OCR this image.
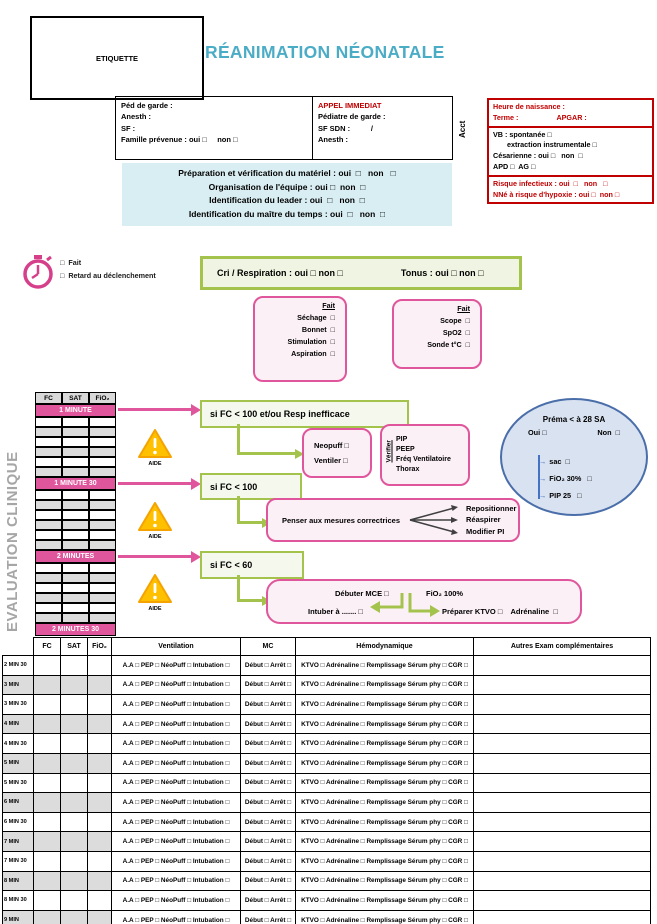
ETIQUETTE	RÉANIMATION NÉONATALE
Péd de garde :
Anesth :
SF :
Famille prévenue : oui □     non □
APPEL IMMEDIAT
Pédiatre de garde :
SF SDN :          /
Anesth :
Acct
Heure de naissance :
Terme :	APGAR :
VB : spontanée □
extraction instrumentale □
Césarienne : oui □   non  □
APD □  AG □
Risque infectieux : oui  □   non   □
NNé à risque d'hypoxie : oui □  non □
Préparation et vérification du matériel : oui  □   non   □
Organisation de l'équipe : oui □  non  □
Identification du leader : oui  □   non  □
Identification du maître du temps : oui  □   non  □
□  Fait
□  Retard au déclenchement	Cri / Respiration : oui □ non □	Tonus : oui □ non □
Fait
Séchage  □
Bonnet  □
Stimulation  □
Aspiration  □
Fait
Scope  □
SpO2  □
Sonde t°C  □
EVALUATION CLINIQUE
FC	SAT	FiO₂
1 MINUTE
1 MINUTE 30
2 MINUTES
2 MINUTES 30
AIDE
AIDE
AIDE
si FC < 100 et/ou Resp inefficace
si FC < 100
si FC < 60
Neopuff □
Ventiler □	Vérifier PIP
PEEP
Fréq Ventilatoire
Thorax
Préma < à 28 SA
Oui □	Non  □
→ sac  □
→ FiO₂ 30%   □
→ PIP 25   □
Penser aux mesures correctrices
Repositionner
Réaspirer
Modifier PI
Débuter MCE □	FiO₂ 100%
Intuber à ....... □	Préparer KTVO □    Adrénaline  □
	FC	SAT	FiO₂	Ventilation	MC	Hémodynamique	Autres Exam complémentaires
2 MIN 30				A.A □ PEP □ NéoPuff □ Intubation □	Début □ Arrêt □	KTVO □ Adrénaline □ Remplissage Sérum phy □ CGR □	
3 MIN				A.A □ PEP □ NéoPuff □ Intubation □	Début □ Arrêt □	KTVO □ Adrénaline □ Remplissage Sérum phy □ CGR □	
3 MIN 30				A.A □ PEP □ NéoPuff □ Intubation □	Début □ Arrêt □	KTVO □ Adrénaline □ Remplissage Sérum phy □ CGR □	
4 MIN				A.A □ PEP □ NéoPuff □ Intubation □	Début □ Arrêt □	KTVO □ Adrénaline □ Remplissage Sérum phy □ CGR □	
4 MIN 30				A.A □ PEP □ NéoPuff □ Intubation □	Début □ Arrêt □	KTVO □ Adrénaline □ Remplissage Sérum phy □ CGR □	
5 MIN				A.A □ PEP □ NéoPuff □ Intubation □	Début □ Arrêt □	KTVO □ Adrénaline □ Remplissage Sérum phy □ CGR □	
5 MIN 30				A.A □ PEP □ NéoPuff □ Intubation □	Début □ Arrêt □	KTVO □ Adrénaline □ Remplissage Sérum phy □ CGR □	
6 MIN				A.A □ PEP □ NéoPuff □ Intubation □	Début □ Arrêt □	KTVO □ Adrénaline □ Remplissage Sérum phy □ CGR □	
6 MIN 30				A.A □ PEP □ NéoPuff □ Intubation □	Début □ Arrêt □	KTVO □ Adrénaline □ Remplissage Sérum phy □ CGR □	
7 MIN				A.A □ PEP □ NéoPuff □ Intubation □	Début □ Arrêt □	KTVO □ Adrénaline □ Remplissage Sérum phy □ CGR □	
7 MIN 30				A.A □ PEP □ NéoPuff □ Intubation □	Début □ Arrêt □	KTVO □ Adrénaline □ Remplissage Sérum phy □ CGR □	
8 MIN				A.A □ PEP □ NéoPuff □ Intubation □	Début □ Arrêt □	KTVO □ Adrénaline □ Remplissage Sérum phy □ CGR □	
8 MIN 30				A.A □ PEP □ NéoPuff □ Intubation □	Début □ Arrêt □	KTVO □ Adrénaline □ Remplissage Sérum phy □ CGR □	
9 MIN				A.A □ PEP □ NéoPuff □ Intubation □	Début □ Arrêt □	KTVO □ Adrénaline □ Remplissage Sérum phy □ CGR □	
